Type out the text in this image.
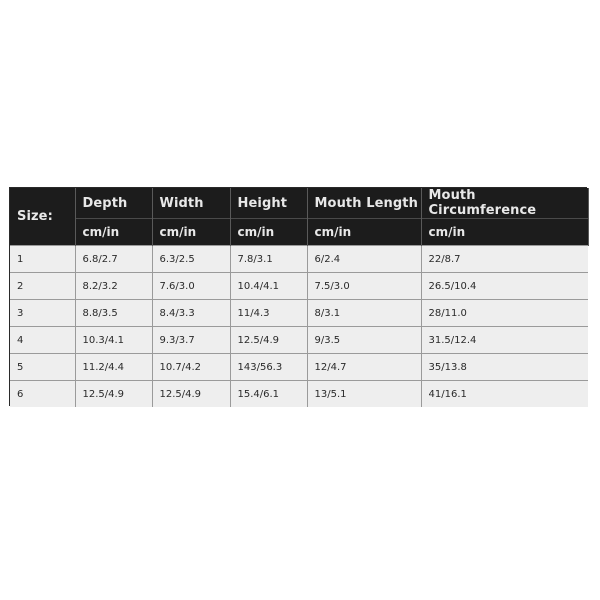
Size:	Depth	Width	Height	Mouth Length	Mouth Circumference
	cm/in	cm/in	cm/in	cm/in	cm/in
1	6.8/2.7	6.3/2.5	7.8/3.1	6/2.4	22/8.7
2	8.2/3.2	7.6/3.0	10.4/4.1	7.5/3.0	26.5/10.4
3	8.8/3.5	8.4/3.3	11/4.3	8/3.1	28/11.0
4	10.3/4.1	9.3/3.7	12.5/4.9	9/3.5	31.5/12.4
5	11.2/4.4	10.7/4.2	143/56.3	12/4.7	35/13.8
6	12.5/4.9	12.5/4.9	15.4/6.1	13/5.1	41/16.1
